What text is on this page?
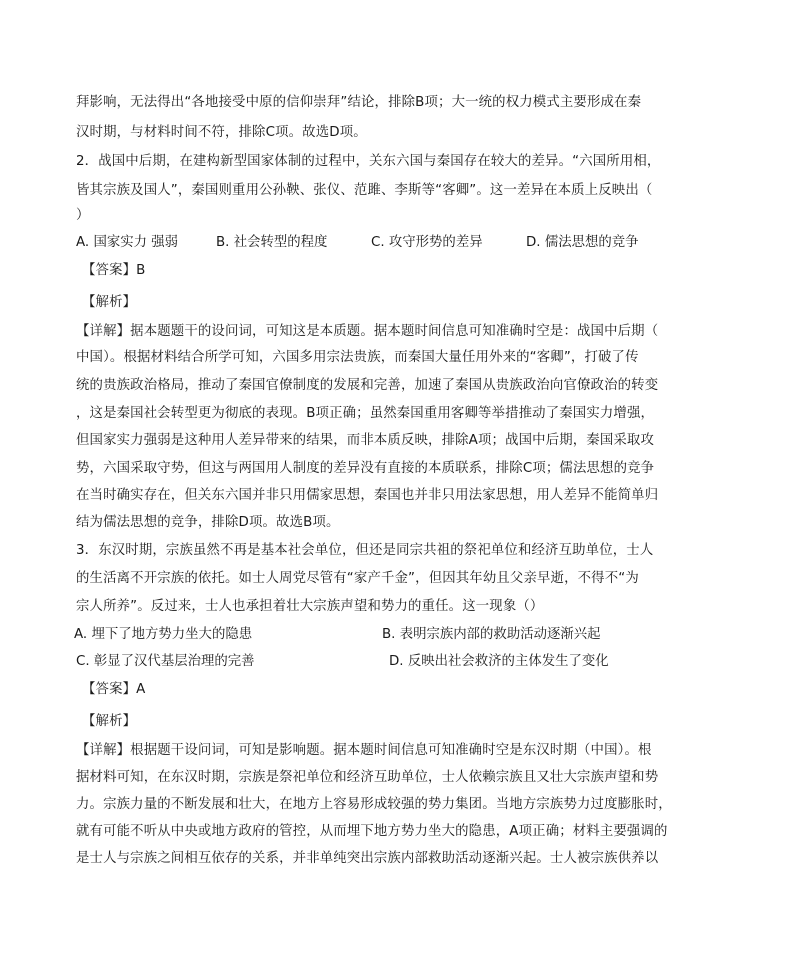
拜影响，无法得出“各地接受中原的信仰崇拜”结论，排除B项；大一统的权力模式主要形成在秦
汉时期，与材料时间不符，排除C项。故选D项。
2．战国中后期，在建构新型国家体制的过程中，关东六国与秦国存在较大的差异。“六国所用相，
皆其宗族及国人”，秦国则重用公孙鞅、张仪、范雎、李斯等“客卿”。这一差异在本质上反映出（
）
A. 国家实力 强弱	B. 社会转型的程度	C. 攻守形势的差异	D. 儒法思想的竞争
【答案】B
【解析】
【详解】据本题题干的设问词，可知这是本质题。据本题时间信息可知准确时空是：战国中后期（
中国）。根据材料结合所学可知，六国多用宗法贵族，而秦国大量任用外来的“客卿”，打破了传
统的贵族政治格局，推动了秦国官僚制度的发展和完善，加速了秦国从贵族政治向官僚政治的转变
，这是秦国社会转型更为彻底的表现。B项正确；虽然秦国重用客卿等举措推动了秦国实力增强，
但国家实力强弱是这种用人差异带来的结果，而非本质反映，排除A项；战国中后期，秦国采取攻
势，六国采取守势，但这与两国用人制度的差异没有直接的本质联系，排除C项；儒法思想的竞争
在当时确实存在，但关东六国并非只用儒家思想，秦国也并非只用法家思想，用人差异不能简单归
结为儒法思想的竞争，排除D项。故选B项。
3．东汉时期，宗族虽然不再是基本社会单位，但还是同宗共祖的祭祀单位和经济互助单位，士人
的生活离不开宗族的依托。如士人周党尽管有“家产千金”，但因其年幼且父亲早逝，不得不“为
宗人所养”。反过来，士人也承担着壮大宗族声望和势力的重任。这一现象（）
A. 埋下了地方势力坐大的隐患	B. 表明宗族内部的救助活动逐渐兴起
C. 彰显了汉代基层治理的完善	D. 反映出社会救济的主体发生了变化
【答案】A
【解析】
【详解】根据题干设问词，可知是影响题。据本题时间信息可知准确时空是东汉时期（中国）。根
据材料可知，在东汉时期，宗族是祭祀单位和经济互助单位，士人依赖宗族且又壮大宗族声望和势
力。宗族力量的不断发展和壮大，在地方上容易形成较强的势力集团。当地方宗族势力过度膨胀时，
就有可能不听从中央或地方政府的管控，从而埋下地方势力坐大的隐患，A项正确；材料主要强调的
是士人与宗族之间相互依存的关系，并非单纯突出宗族内部救助活动逐渐兴起。士人被宗族供养以
